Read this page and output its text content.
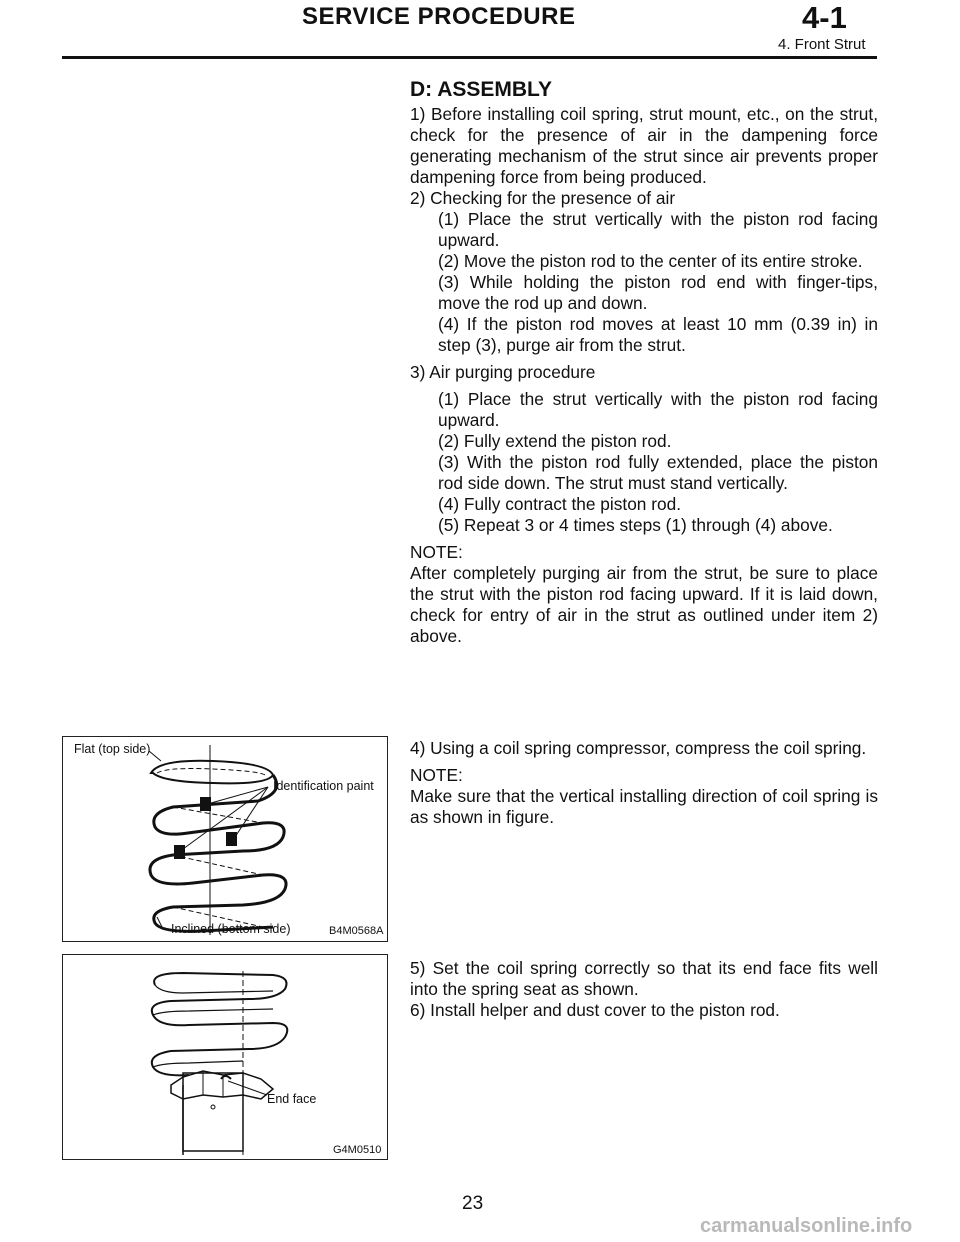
SERVICE PROCEDURE	4-1
4. Front Strut
D: ASSEMBLY

1) Before installing coil spring, strut mount, etc., on the strut, check for the presence of air in the dampening force generating mechanism of the strut since air prevents proper dampening force from being produced.

2) Checking for the presence of air

(1) Place the strut vertically with the piston rod facing upward.

(2) Move the piston rod to the center of its entire stroke.

(3) While holding the piston rod end with finger-tips, move the rod up and down.

(4) If the piston rod moves at least 10 mm (0.39 in) in step (3), purge air from the strut.

3) Air purging procedure

(1) Place the strut vertically with the piston rod facing upward.

(2) Fully extend the piston rod.

(3) With the piston rod fully extended, place the piston rod side down. The strut must stand vertically.

(4) Fully contract the piston rod.

(5) Repeat 3 or 4 times steps (1) through (4) above.

NOTE:

After completely purging air from the strut, be sure to place the strut with the piston rod facing upward. If it is laid down, check for entry of air in the strut as outlined under item 2) above.

4) Using a coil spring compressor, compress the coil spring.

NOTE:

Make sure that the vertical installing direction of coil spring is as shown in figure.

5) Set the coil spring correctly so that its end face fits well into the spring seat as shown.

6) Install helper and dust cover to the piston rod.

Flat (top side)
Identification paint
Inclined (bottom side)	B4M0568A
End face
G4M0510
23
carmanualsonline.info
